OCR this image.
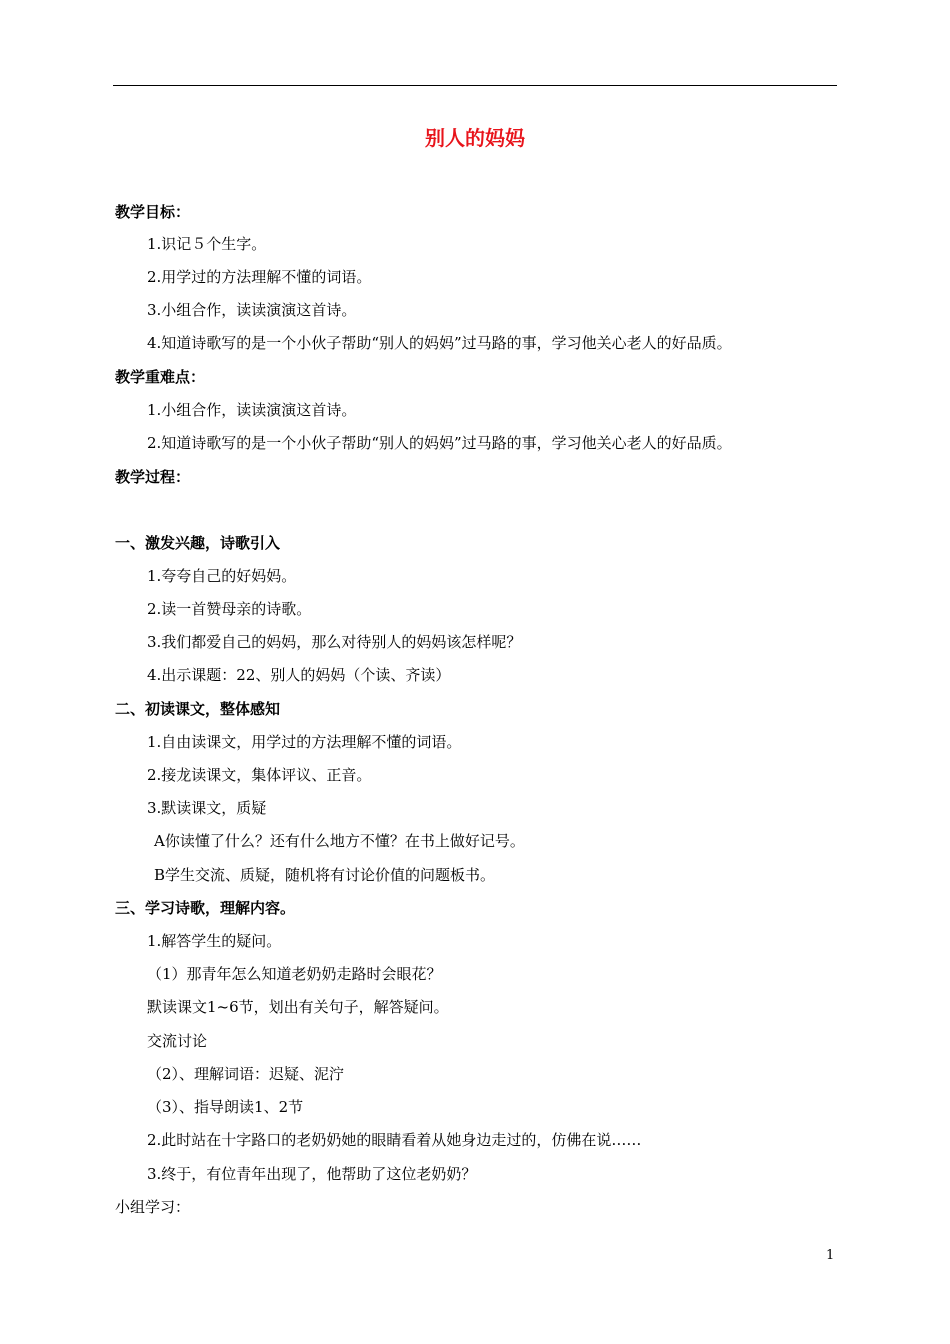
别人的妈妈
教学目标：
1.识记５个生字。
2.用学过的方法理解不懂的词语。
3.小组合作，读读演演这首诗。
4.知道诗歌写的是一个小伙子帮助“别人的妈妈”过马路的事，学习他关心老人的好品质。
教学重难点：
1.小组合作，读读演演这首诗。
2.知道诗歌写的是一个小伙子帮助“别人的妈妈”过马路的事，学习他关心老人的好品质。
教学过程：
一、激发兴趣，诗歌引入
1.夸夸自己的好妈妈。
2.读一首赞母亲的诗歌。
3.我们都爱自己的妈妈，那么对待别人的妈妈该怎样呢？
4.出示课题：22、别人的妈妈（个读、齐读）
二、初读课文，整体感知
1.自由读课文，用学过的方法理解不懂的词语。
2.接龙读课文，集体评议、正音。
3.默读课文，质疑
A你读懂了什么？还有什么地方不懂？在书上做好记号。
B学生交流、质疑，随机将有讨论价值的问题板书。
三、学习诗歌，理解内容。
1.解答学生的疑问。
（1）那青年怎么知道老奶奶走路时会眼花？
默读课文1~6节，划出有关句子，解答疑问。
交流讨论
（2）、理解词语：迟疑、泥泞
（3）、指导朗读1、2节
2.此时站在十字路口的老奶奶她的眼睛看着从她身边走过的，仿佛在说……
3.终于，有位青年出现了，他帮助了这位老奶奶？
小组学习：
1
